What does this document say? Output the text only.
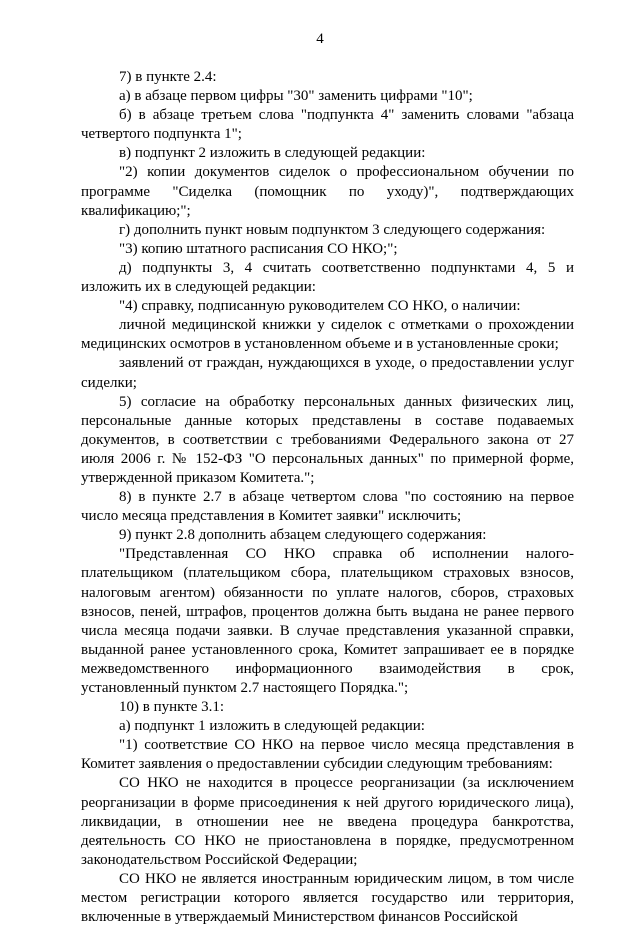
4

7) в пункте 2.4:

а) в абзаце первом цифры "30" заменить цифрами "10";

б) в абзаце третьем слова "подпункта 4" заменить словами "абзаца четвертого подпункта 1";

в) подпункт 2 изложить в следующей редакции:

"2) копии документов сиделок о профессиональном обучении по программе "Сиделка (помощник по уходу)", подтверждающих квалификацию;";

г) дополнить пункт новым подпунктом 3 следующего содержания:

"3) копию штатного расписания СО НКО;";

д) подпункты 3, 4 считать соответственно подпунктами 4, 5 и изложить их в следующей редакции:

"4) справку, подписанную руководителем СО НКО, о наличии:

личной медицинской книжки у сиделок с отметками о прохождении медицинских осмотров в установленном объеме и в установленные сроки;

заявлений от граждан, нуждающихся в уходе, о предоставлении услуг сиделки;

5) согласие на обработку персональных данных физических лиц, персональные данные которых представлены в составе подаваемых документов, в соответствии с требованиями Федерального закона от 27 июля 2006 г. № 152-ФЗ "О персональных данных" по примерной форме, утвержденной приказом Комитета.";

8) в пункте 2.7 в абзаце четвертом слова "по состоянию на первое число месяца представления в Комитет заявки" исключить;

9) пункт 2.8 дополнить абзацем следующего содержания:

"Представленная СО НКО справка об исполнении налого-плательщиком (плательщиком сбора, плательщиком страховых взносов, налоговым агентом) обязанности по уплате налогов, сборов, страховых взносов, пеней, штрафов, процентов должна быть выдана не ранее первого числа месяца подачи заявки. В случае представления указанной справки, выданной ранее установленного срока, Комитет запрашивает ее в порядке межведомственного информационного взаимодействия в срок, установленный пунктом 2.7 настоящего Порядка.";

10) в пункте 3.1:

а) подпункт 1 изложить в следующей редакции:

"1) соответствие СО НКО на первое число месяца представления в Комитет заявления о предоставлении субсидии следующим требованиям:

СО НКО не находится в процессе реорганизации (за исключением реорганизации в форме присоединения к ней другого юридического лица), ликвидации, в отношении нее не введена процедура банкротства, деятельность СО НКО не приостановлена в порядке, предусмотренном законодательством Российской Федерации;

СО НКО не является иностранным юридическим лицом, в том числе местом регистрации которого является государство или территория, включенные в утверждаемый Министерством финансов Российской
